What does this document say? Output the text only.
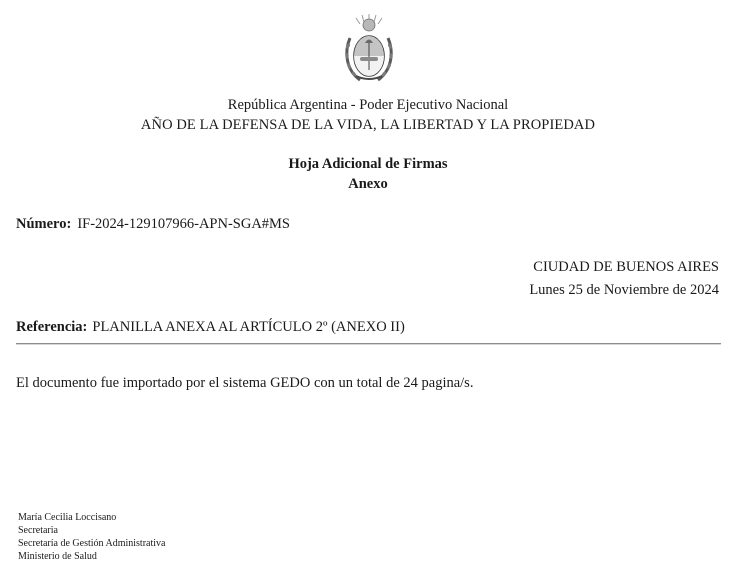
República Argentina - Poder Ejecutivo Nacional
AÑO DE LA DEFENSA DE LA VIDA, LA LIBERTAD Y LA PROPIEDAD
Hoja Adicional de Firmas
Anexo
Número: IF-2024-129107966-APN-SGA#MS
CIUDAD DE BUENOS AIRES
Lunes 25 de Noviembre de 2024
Referencia: PLANILLA ANEXA AL ARTÍCULO 2º (ANEXO II)
El documento fue importado por el sistema GEDO con un total de 24 pagina/s.
María Cecilia Loccisano
Secretaria
Secretaría de Gestión Administrativa
Ministerio de Salud
